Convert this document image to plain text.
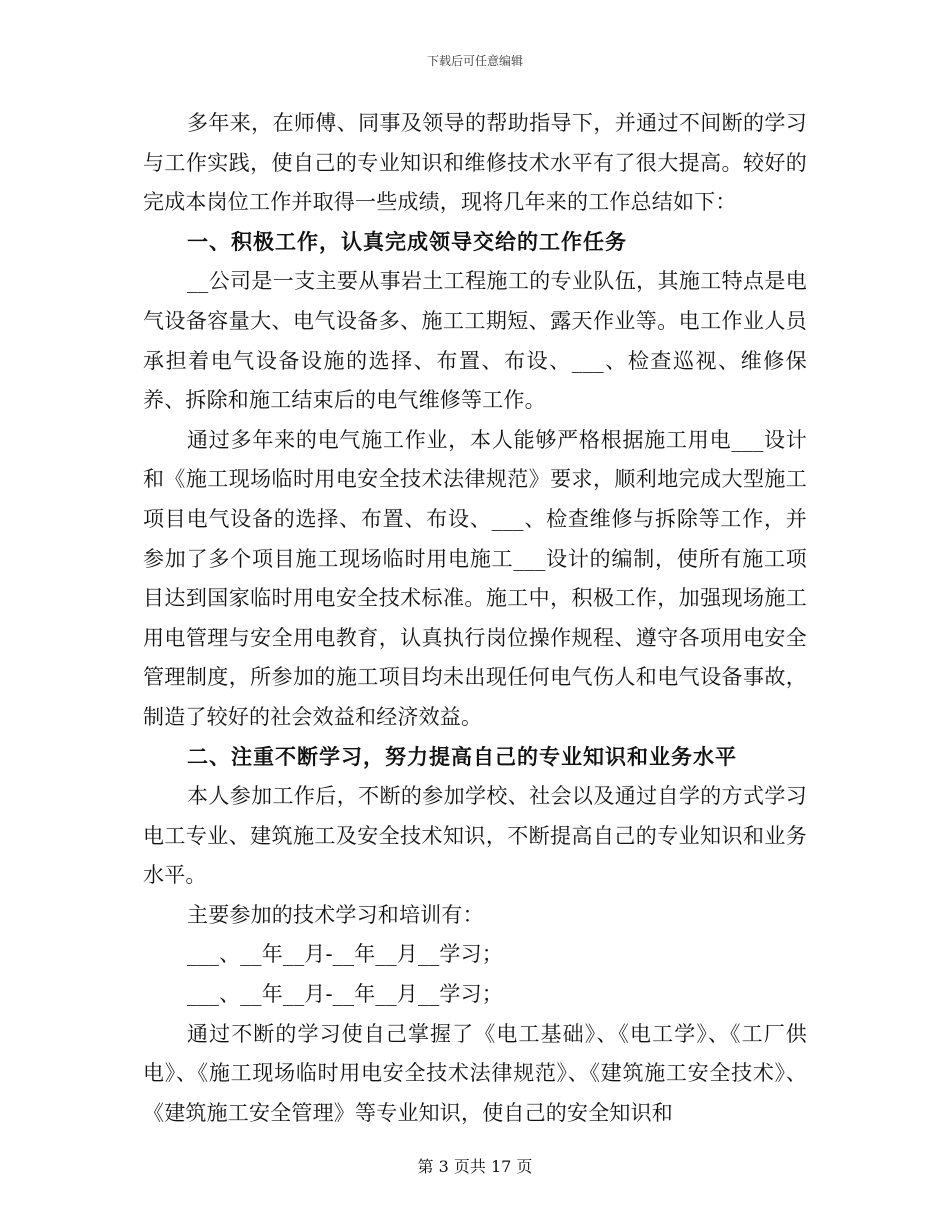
下载后可任意编辑

多年来，在师傅、同事及领导的帮助指导下，并通过不间断的学习与工作实践，使自己的专业知识和维修技术水平有了很大提高。较好的完成本岗位工作并取得一些成绩，现将几年来的工作总结如下：

一、积极工作，认真完成领导交给的工作任务

__公司是一支主要从事岩土工程施工的专业队伍，其施工特点是电气设备容量大、电气设备多、施工工期短、露天作业等。电工作业人员承担着电气设备设施的选择、布置、布设、___、检查巡视、维修保养、拆除和施工结束后的电气维修等工作。

通过多年来的电气施工作业，本人能够严格根据施工用电___设计和《施工现场临时用电安全技术法律规范》要求，顺利地完成大型施工项目电气设备的选择、布置、布设、___、检查维修与拆除等工作，并参加了多个项目施工现场临时用电施工___设计的编制，使所有施工项目达到国家临时用电安全技术标准。施工中，积极工作，加强现场施工用电管理与安全用电教育，认真执行岗位操作规程、遵守各项用电安全管理制度，所参加的施工项目均未出现任何电气伤人和电气设备事故，制造了较好的社会效益和经济效益。

二、注重不断学习，努力提高自己的专业知识和业务水平

本人参加工作后，不断的参加学校、社会以及通过自学的方式学习电工专业、建筑施工及安全技术知识，不断提高自己的专业知识和业务水平。

主要参加的技术学习和培训有：

___、__年__月-__年__月__学习；

___、__年__月-__年__月__学习；

通过不断的学习使自己掌握了《电工基础》、《电工学》、《工厂供电》、《施工现场临时用电安全技术法律规范》、《建筑施工安全技术》、《建筑施工安全管理》等专业知识，使自己的安全知识和

第 3 页共 17 页
